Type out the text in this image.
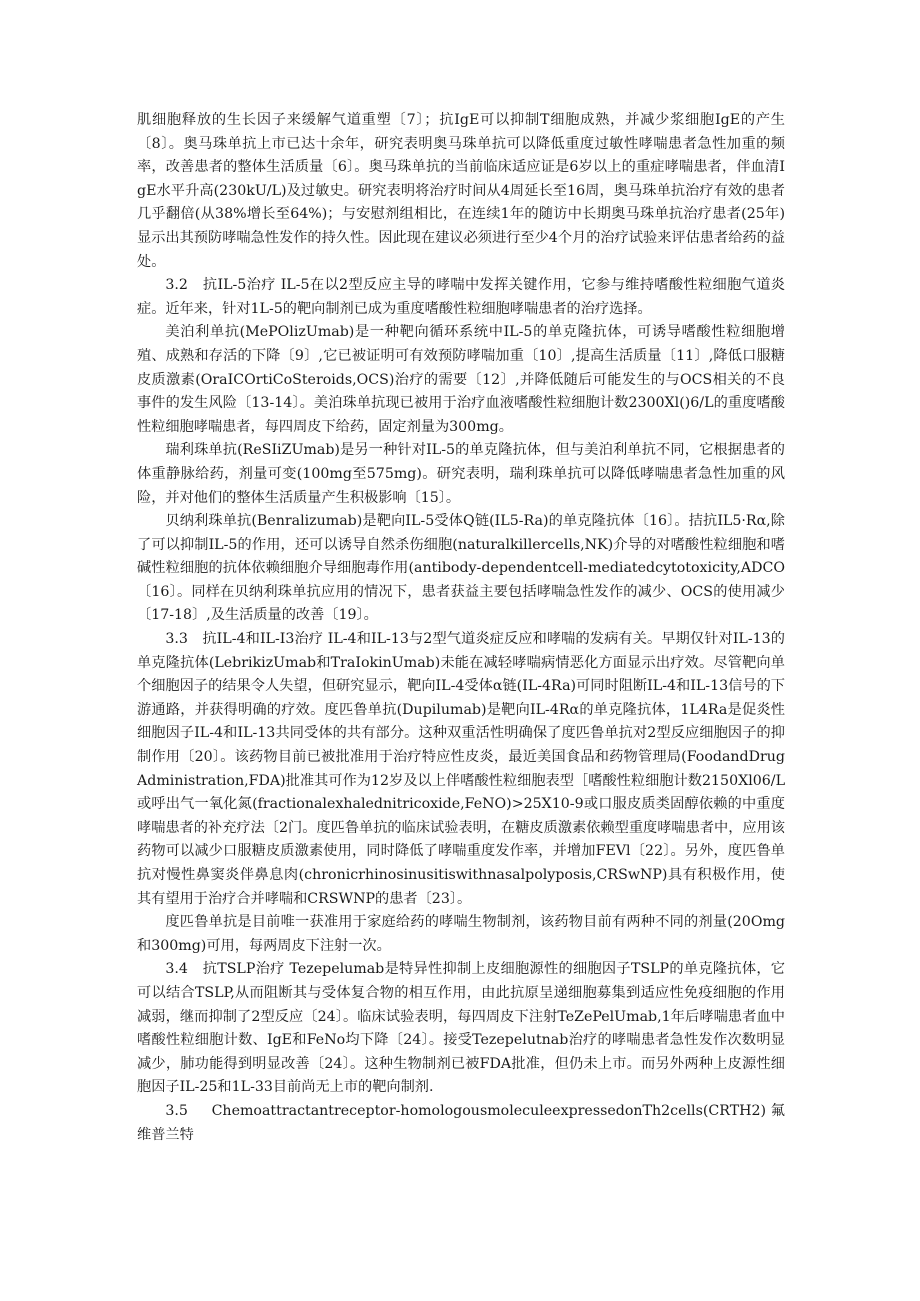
肌细胞释放的生长因子来缓解气道重塑〔7〕；抗IgE可以抑制T细胞成熟，并减少浆细胞IgE的产生〔8〕。奥马珠单抗上市已达十余年，研究表明奥马珠单抗可以降低重度过敏性哮喘患者急性加重的频率，改善患者的整体生活质量〔6〕。奥马珠单抗的当前临床适应证是6岁以上的重症哮喘患者，伴血清IgE水平升高(230kU/L)及过敏史。研究表明将治疗时间从4周延长至16周，奥马珠单抗治疗有效的患者几乎翻倍(从38%增长至64%)；与安慰剂组相比，在连续1年的随访中长期奥马珠单抗治疗患者(25年)显示出其预防哮喘急性发作的持久性。因此现在建议必须进行至少4个月的治疗试验来评估患者给药的益处。

3.2　抗IL-5治疗 IL-5在以2型反应主导的哮喘中发挥关键作用，它参与维持嗜酸性粒细胞气道炎症。近年来，针对1L-5的靶向制剂已成为重度嗜酸性粒细胞哮喘患者的治疗选择。

美泊利单抗(MePOlizUmab)是一种靶向循环系统中IL-5的单克隆抗体，可诱导嗜酸性粒细胞增殖、成熟和存活的下降〔9〕,它已被证明可有效预防哮喘加重〔10〕,提高生活质量〔11〕,降低口服糖皮质激素(OraICOrtiCoSteroids,OCS)治疗的需要〔12〕,并降低随后可能发生的与OCS相关的不良事件的发生风险〔13-14〕。美泊珠单抗现已被用于治疗血液嗜酸性粒细胞计数2300Xl()6/L的重度嗜酸性粒细胞哮喘患者，每四周皮下给药，固定剂量为300mg。

瑞利珠单抗(ReSIiZUmab)是另一种针对IL-5的单克隆抗体，但与美泊利单抗不同，它根据患者的体重静脉给药，剂量可变(100mg至575mg)。研究表明，瑞利珠单抗可以降低哮喘患者急性加重的风险，并对他们的整体生活质量产生积极影响〔15〕。

贝纳利珠单抗(Benralizumab)是靶向IL-5受体Q链(IL5-Ra)的单克隆抗体〔16〕。拮抗IL5·Rα,除了可以抑制IL-5的作用，还可以诱导自然杀伤细胞(naturalkillercells,NK)介导的对嗜酸性粒细胞和嗜碱性粒细胞的抗体依赖细胞介导细胞毒作用(antibody-dependentcell-mediatedcytotoxicity,ADCO〔16〕。同样在贝纳利珠单抗应用的情况下，患者获益主要包括哮喘急性发作的减少、OCS的使用减少〔17-18〕,及生活质量的改善〔19〕。

3.3　抗IL-4和IL-I3治疗 IL-4和IL-13与2型气道炎症反应和哮喘的发病有关。早期仅针对IL-13的单克隆抗体(LebrikizUmab和TraIokinUmab)未能在减轻哮喘病情恶化方面显示出疗效。尽管靶向单个细胞因子的结果令人失望，但研究显示，靶向IL-4受体α链(IL-4Ra)可同时阻断IL-4和IL-13信号的下游通路，并获得明确的疗效。度匹鲁单抗(Dupilumab)是靶向IL-4Rα的单克隆抗体，1L4Ra是促炎性细胞因子IL-4和IL-13共同受体的共有部分。这种双重活性明确保了度匹鲁单抗对2型反应细胞因子的抑制作用〔20〕。该药物目前已被批准用于治疗特应性皮炎，最近美国食品和药物管理局(FoodandDrugAdministration,FDA)批准其可作为12岁及以上伴嗜酸性粒细胞表型［嗜酸性粒细胞计数2150Xl06/L或呼出气一氧化氮(fractionalexhalednitricoxide,FeNO)>25X10-9或口服皮质类固醇依赖的中重度哮喘患者的补充疗法〔2门。度匹鲁单抗的临床试验表明，在糖皮质激素依赖型重度哮喘患者中，应用该药物可以减少口服糖皮质激素使用，同时降低了哮喘重度发作率，并增加FEVl〔22〕。另外，度匹鲁单抗对慢性鼻窦炎伴鼻息肉(chronicrhinosinusitiswithnasalpolyposis,CRSwNP)具有积极作用，使其有望用于治疗合并哮喘和CRSWNP的患者〔23〕。

度匹鲁单抗是目前唯一获准用于家庭给药的哮喘生物制剂，该药物目前有两种不同的剂量(20Omg和300mg)可用，每两周皮下注射一次。

3.4　抗TSLP治疗 Tezepelumab是特异性抑制上皮细胞源性的细胞因子TSLP的单克隆抗体，它可以结合TSLP,从而阻断其与受体复合物的相互作用，由此抗原呈递细胞募集到适应性免疫细胞的作用减弱，继而抑制了2型反应〔24〕。临床试验表明，每四周皮下注射TeZePelUmab,1年后哮喘患者血中嗜酸性粒细胞计数、IgE和FeNo均下降〔24〕。接受Tezepelutnab治疗的哮喘患者急性发作次数明显减少，肺功能得到明显改善〔24〕。这种生物制剂已被FDA批准，但仍未上市。而另外两种上皮源性细胞因子IL-25和1L-33目前尚无上市的靶向制剂.

3.5　Chemoattractantreceptor-homologousmoleculeexpressedonTh2cells(CRTH2)氟维普兰特
